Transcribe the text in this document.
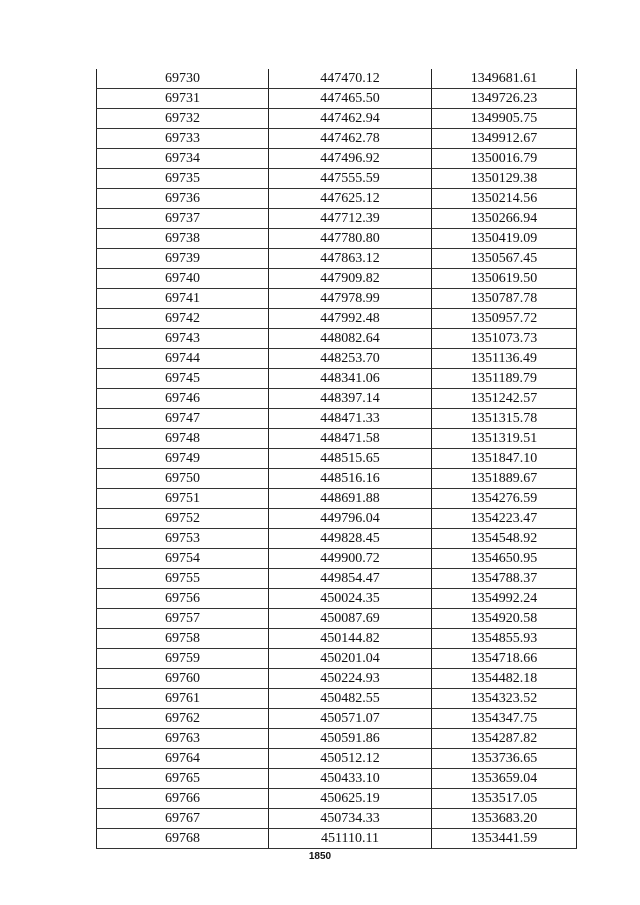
69730	447470.12	1349681.61
69731	447465.50	1349726.23
69732	447462.94	1349905.75
69733	447462.78	1349912.67
69734	447496.92	1350016.79
69735	447555.59	1350129.38
69736	447625.12	1350214.56
69737	447712.39	1350266.94
69738	447780.80	1350419.09
69739	447863.12	1350567.45
69740	447909.82	1350619.50
69741	447978.99	1350787.78
69742	447992.48	1350957.72
69743	448082.64	1351073.73
69744	448253.70	1351136.49
69745	448341.06	1351189.79
69746	448397.14	1351242.57
69747	448471.33	1351315.78
69748	448471.58	1351319.51
69749	448515.65	1351847.10
69750	448516.16	1351889.67
69751	448691.88	1354276.59
69752	449796.04	1354223.47
69753	449828.45	1354548.92
69754	449900.72	1354650.95
69755	449854.47	1354788.37
69756	450024.35	1354992.24
69757	450087.69	1354920.58
69758	450144.82	1354855.93
69759	450201.04	1354718.66
69760	450224.93	1354482.18
69761	450482.55	1354323.52
69762	450571.07	1354347.75
69763	450591.86	1354287.82
69764	450512.12	1353736.65
69765	450433.10	1353659.04
69766	450625.19	1353517.05
69767	450734.33	1353683.20
69768	451110.11	1353441.59
1850
